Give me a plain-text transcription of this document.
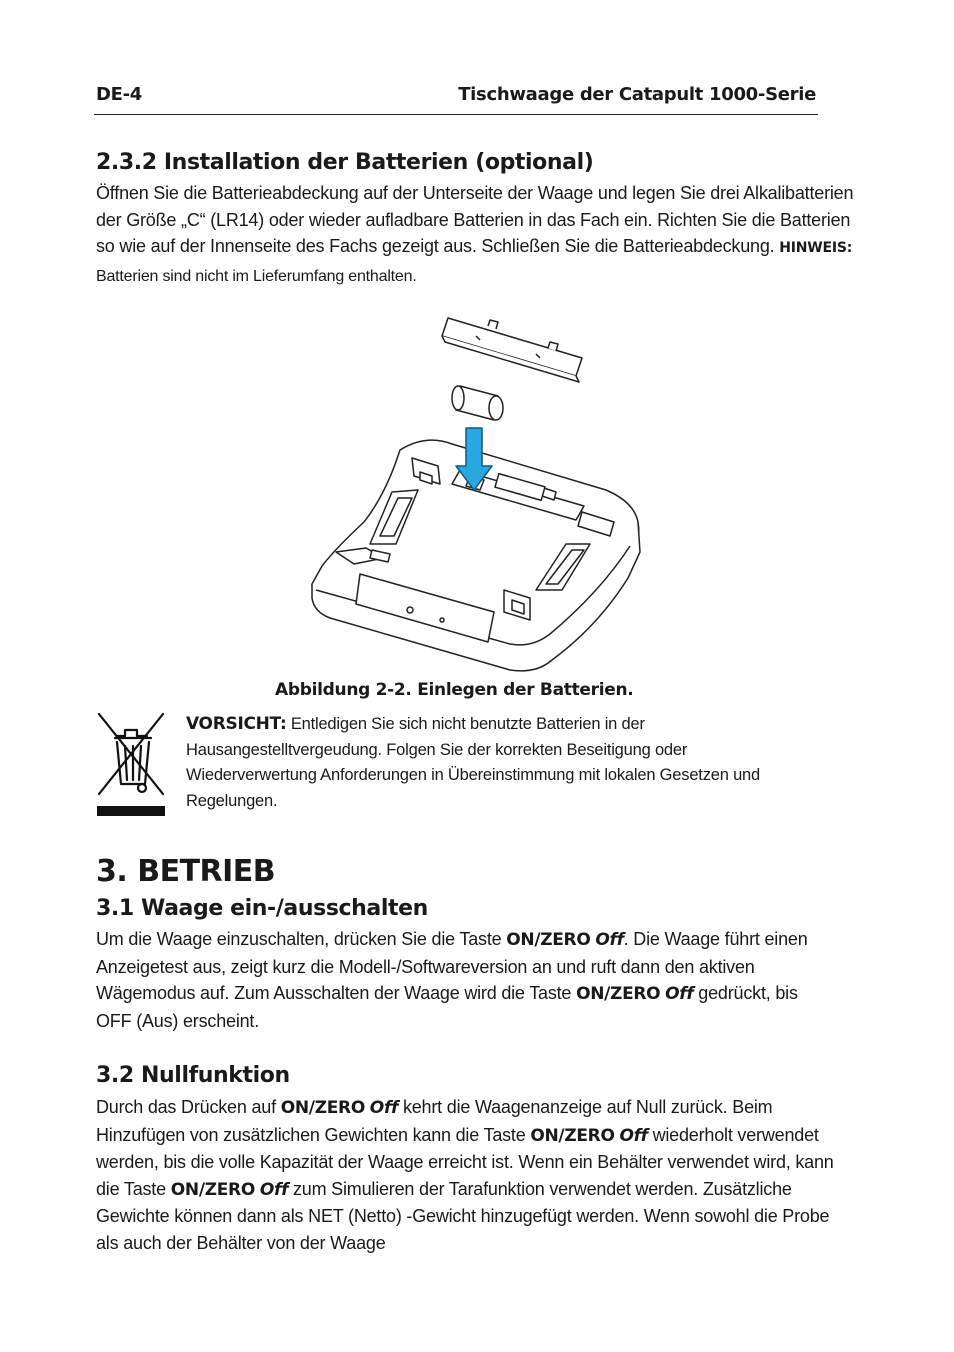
DE-4	Tischwaage der Catapult 1000-Serie
2.3.2 Installation der Batterien (optional)
Öffnen Sie die Batterieabdeckung auf der Unterseite der Waage und legen Sie drei Alkalibatterien der Größe „C“ (LR14) oder wieder aufladbare Batterien in das Fach ein. Richten Sie die Batterien so wie auf der Innenseite des Fachs gezeigt aus. Schließen Sie die Batterieabdeckung. HINWEIS: Batterien sind nicht im Lieferumfang enthalten.
Abbildung 2-2. Einlegen der Batterien.
VORSICHT: Entledigen Sie sich nicht benutzte Batterien in der Hausangestelltvergeudung. Folgen Sie der korrekten Beseitigung oder Wiederverwertung Anforderungen in Übereinstimmung mit lokalen Gesetzen und Regelungen.
3. BETRIEB
3.1 Waage ein-/ausschalten
Um die Waage einzuschalten, drücken Sie die Taste ON/ZERO Off. Die Waage führt einen Anzeigetest aus, zeigt kurz die Modell-/Softwareversion an und ruft dann den aktiven Wägemodus auf. Zum Ausschalten der Waage wird die Taste ON/ZERO Off gedrückt, bis OFF (Aus) erscheint.
3.2 Nullfunktion
Durch das Drücken auf ON/ZERO Off kehrt die Waagenanzeige auf Null zurück. Beim Hinzufügen von zusätzlichen Gewichten kann die Taste ON/ZERO Off wiederholt verwendet werden, bis die volle Kapazität der Waage erreicht ist. Wenn ein Behälter verwendet wird, kann die Taste ON/ZERO Off zum Simulieren der Tarafunktion verwendet werden. Zusätzliche Gewichte können dann als NET (Netto) -Gewicht hinzugefügt werden. Wenn sowohl die Probe als auch der Behälter von der Waage
